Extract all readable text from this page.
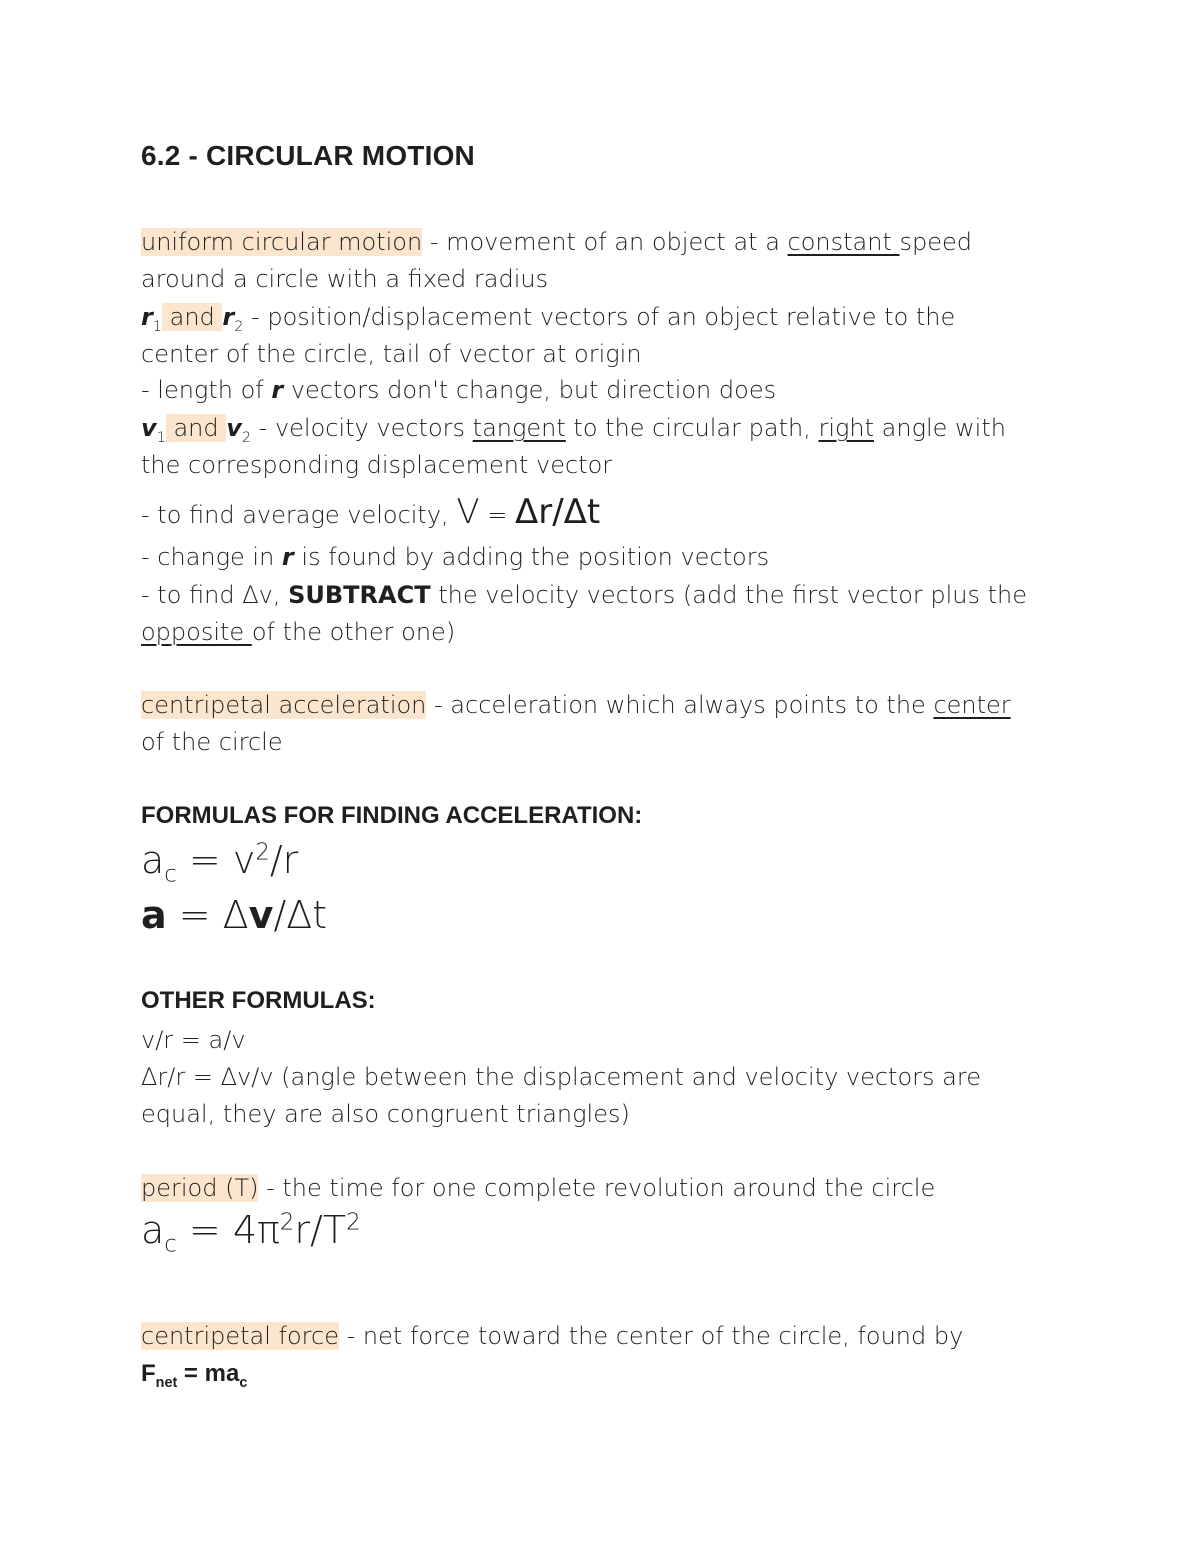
6.2 - CIRCULAR MOTION
uniform circular motion - movement of an object at a constant speed
around a circle with a fixed radius
$r_1$ and $r_2$ - position/displacement vectors of an object relative to the
center of the circle, tail of vector at origin
- length of r vectors don't change, but direction does
$v_1$ and $v_2$ - velocity vectors tangent to the circular path, right angle with
the corresponding displacement vector
- to find average velocity, V = Δr/Δt
- change in r is found by adding the position vectors
- to find Δv, SUBTRACT the velocity vectors (add the first vector plus the
opposite of the other one)
centripetal acceleration - acceleration which always points to the center
of the circle
FORMULAS FOR FINDING ACCELERATION:
$a_c = v^2/r$
a = Δv/Δt
OTHER FORMULAS:
v/r = a/v
Δr/r = Δv/v (angle between the displacement and velocity vectors are
equal, they are also congruent triangles)
period (T) - the time for one complete revolution around the circle
$a_c = 4\pi^2r/T^2$
centripetal force - net force toward the center of the circle, found by
$F_{net} = ma_c$
